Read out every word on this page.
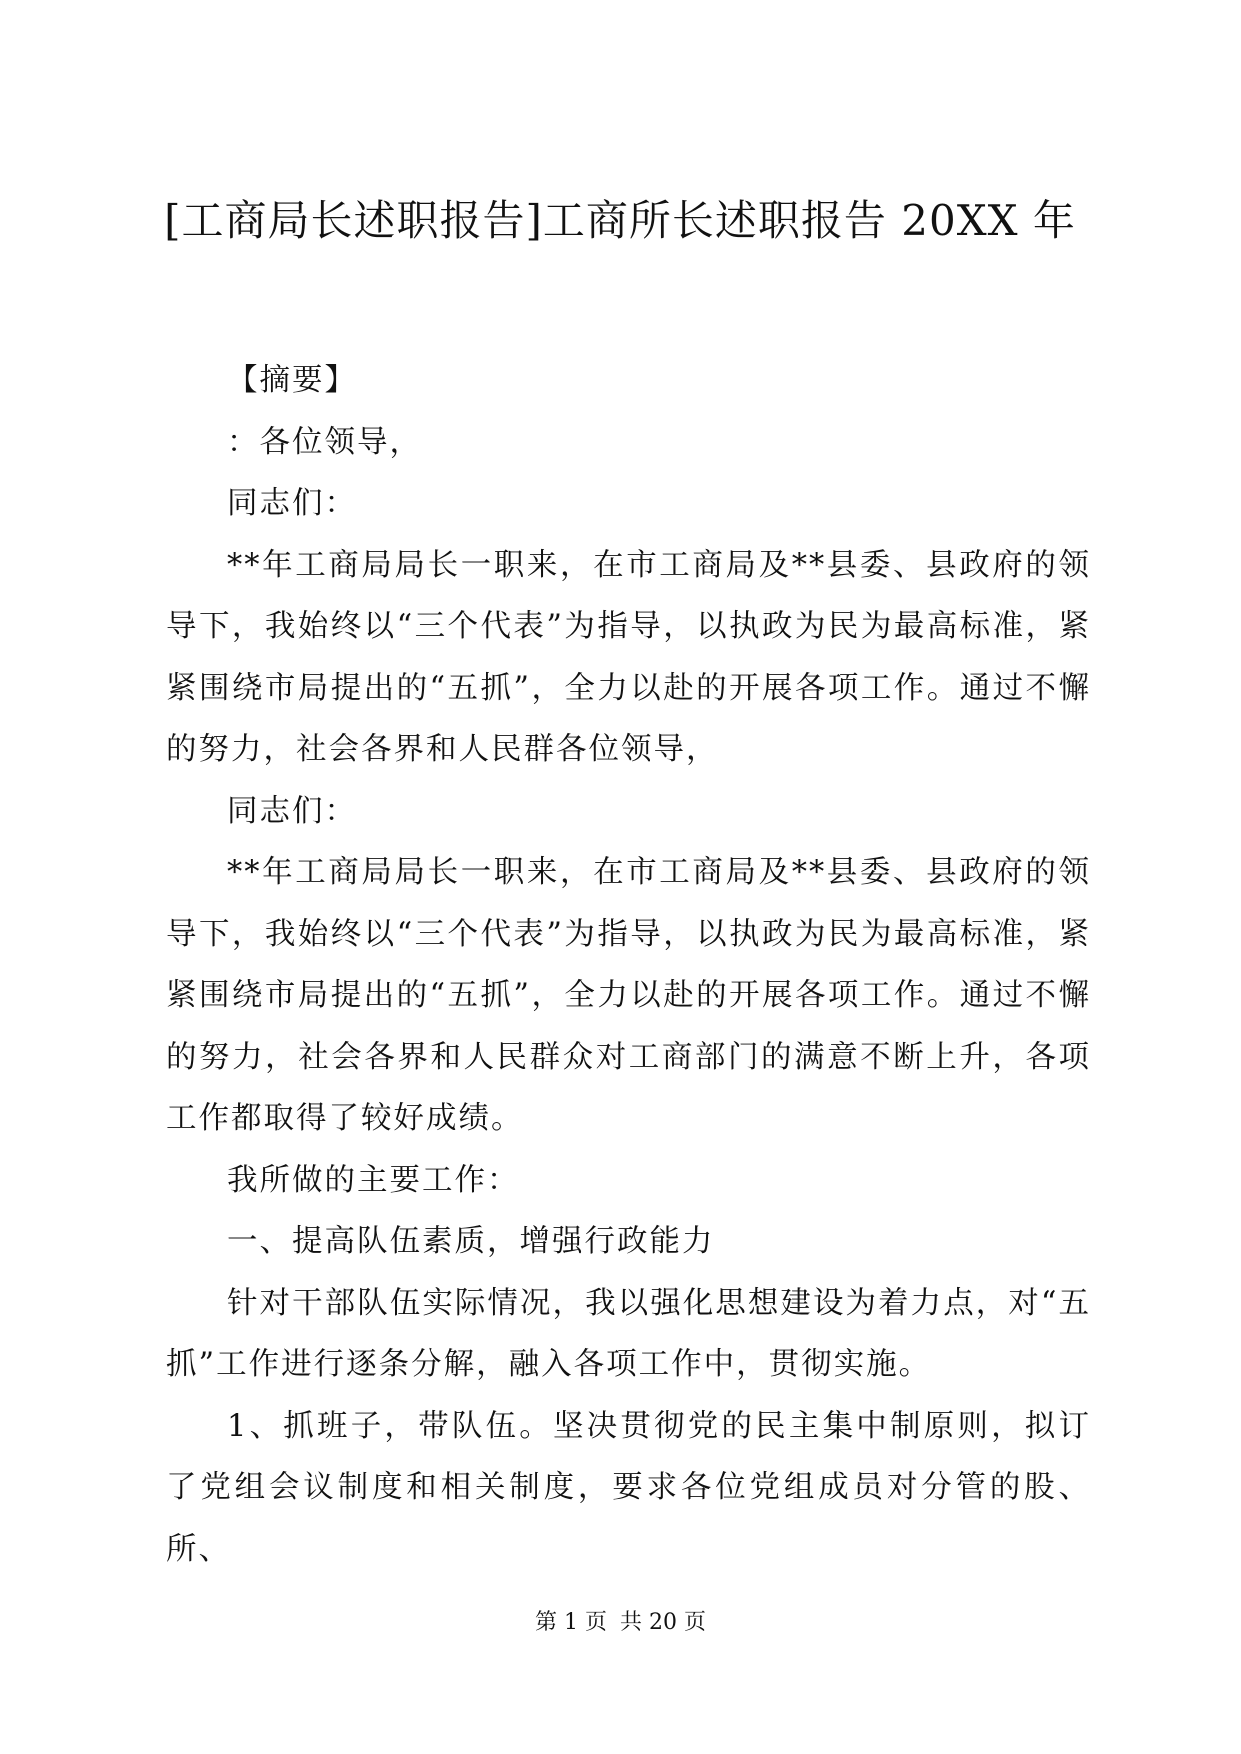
[工商局长述职报告]工商所长述职报告 20XX 年

【摘要】

：各位领导，

同志们：

**年工商局局长一职来，在市工商局及**县委、县政府的领导下，我始终以“三个代表”为指导，以执政为民为最高标准，紧紧围绕市局提出的“五抓”，全力以赴的开展各项工作。通过不懈的努力，社会各界和人民群各位领导，

同志们：

**年工商局局长一职来，在市工商局及**县委、县政府的领导下，我始终以“三个代表”为指导，以执政为民为最高标准，紧紧围绕市局提出的“五抓”，全力以赴的开展各项工作。通过不懈的努力，社会各界和人民群众对工商部门的满意不断上升，各项工作都取得了较好成绩。

我所做的主要工作：

一、提高队伍素质，增强行政能力

针对干部队伍实际情况，我以强化思想建设为着力点，对“五抓”工作进行逐条分解，融入各项工作中，贯彻实施。

1、抓班子，带队伍。坚决贯彻党的民主集中制原则，拟订了党组会议制度和相关制度，要求各位党组成员对分管的股、所、

第 1 页 共 20 页
